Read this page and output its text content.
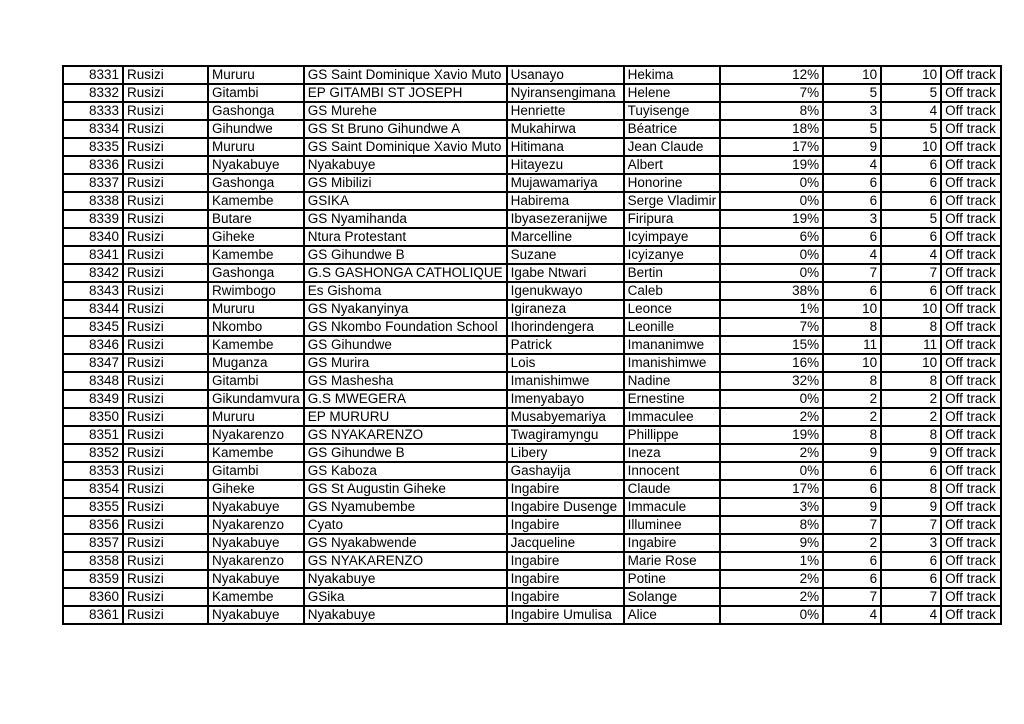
8331	Rusizi	Mururu	GS Saint Dominique Xavio Muto	Usanayo	Hekima	12%	10	10	Off track
8332	Rusizi	Gitambi	EP GITAMBI ST JOSEPH	Nyiransengimana	Helene	7%	5	5	Off track
8333	Rusizi	Gashonga	GS Murehe	Henriette	Tuyisenge	8%	3	4	Off track
8334	Rusizi	Gihundwe	GS St Bruno Gihundwe A	Mukahirwa	Béatrice	18%	5	5	Off track
8335	Rusizi	Mururu	GS Saint Dominique Xavio Muto	Hitimana	Jean Claude	17%	9	10	Off track
8336	Rusizi	Nyakabuye	Nyakabuye	Hitayezu	Albert	19%	4	6	Off track
8337	Rusizi	Gashonga	GS Mibilizi	Mujawamariya	Honorine	0%	6	6	Off track
8338	Rusizi	Kamembe	GSIKA	Habirema	Serge Vladimir	0%	6	6	Off track
8339	Rusizi	Butare	GS Nyamihanda	Ibyasezeranijwe	Firipura	19%	3	5	Off track
8340	Rusizi	Giheke	Ntura Protestant	Marcelline	Icyimpaye	6%	6	6	Off track
8341	Rusizi	Kamembe	GS Gihundwe B	Suzane	Icyizanye	0%	4	4	Off track
8342	Rusizi	Gashonga	G.S GASHONGA CATHOLIQUE	Igabe Ntwari	Bertin	0%	7	7	Off track
8343	Rusizi	Rwimbogo	Es Gishoma	Igenukwayo	Caleb	38%	6	6	Off track
8344	Rusizi	Mururu	GS Nyakanyinya	Igiraneza	Leonce	1%	10	10	Off track
8345	Rusizi	Nkombo	GS Nkombo Foundation School	Ihorindengera	Leonille	7%	8	8	Off track
8346	Rusizi	Kamembe	GS Gihundwe	Patrick	Imananimwe	15%	11	11	Off track
8347	Rusizi	Muganza	GS Murira	Lois	Imanishimwe	16%	10	10	Off track
8348	Rusizi	Gitambi	GS Mashesha	Imanishimwe	Nadine	32%	8	8	Off track
8349	Rusizi	Gikundamvura	G.S MWEGERA	Imenyabayo	Ernestine	0%	2	2	Off track
8350	Rusizi	Mururu	EP MURURU	Musabyemariya	Immaculee	2%	2	2	Off track
8351	Rusizi	Nyakarenzo	GS NYAKARENZO	Twagiramyngu	Phillippe	19%	8	8	Off track
8352	Rusizi	Kamembe	GS Gihundwe B	Libery	Ineza	2%	9	9	Off track
8353	Rusizi	Gitambi	GS Kaboza	Gashayija	Innocent	0%	6	6	Off track
8354	Rusizi	Giheke	GS St Augustin Giheke	Ingabire	Claude	17%	6	8	Off track
8355	Rusizi	Nyakabuye	GS Nyamubembe	Ingabire Dusenge	Immacule	3%	9	9	Off track
8356	Rusizi	Nyakarenzo	Cyato	Ingabire	Illuminee	8%	7	7	Off track
8357	Rusizi	Nyakabuye	GS Nyakabwende	Jacqueline	Ingabire	9%	2	3	Off track
8358	Rusizi	Nyakarenzo	GS NYAKARENZO	Ingabire	Marie Rose	1%	6	6	Off track
8359	Rusizi	Nyakabuye	Nyakabuye	Ingabire	Potine	2%	6	6	Off track
8360	Rusizi	Kamembe	GSika	Ingabire	Solange	2%	7	7	Off track
8361	Rusizi	Nyakabuye	Nyakabuye	Ingabire Umulisa	Alice	0%	4	4	Off track
